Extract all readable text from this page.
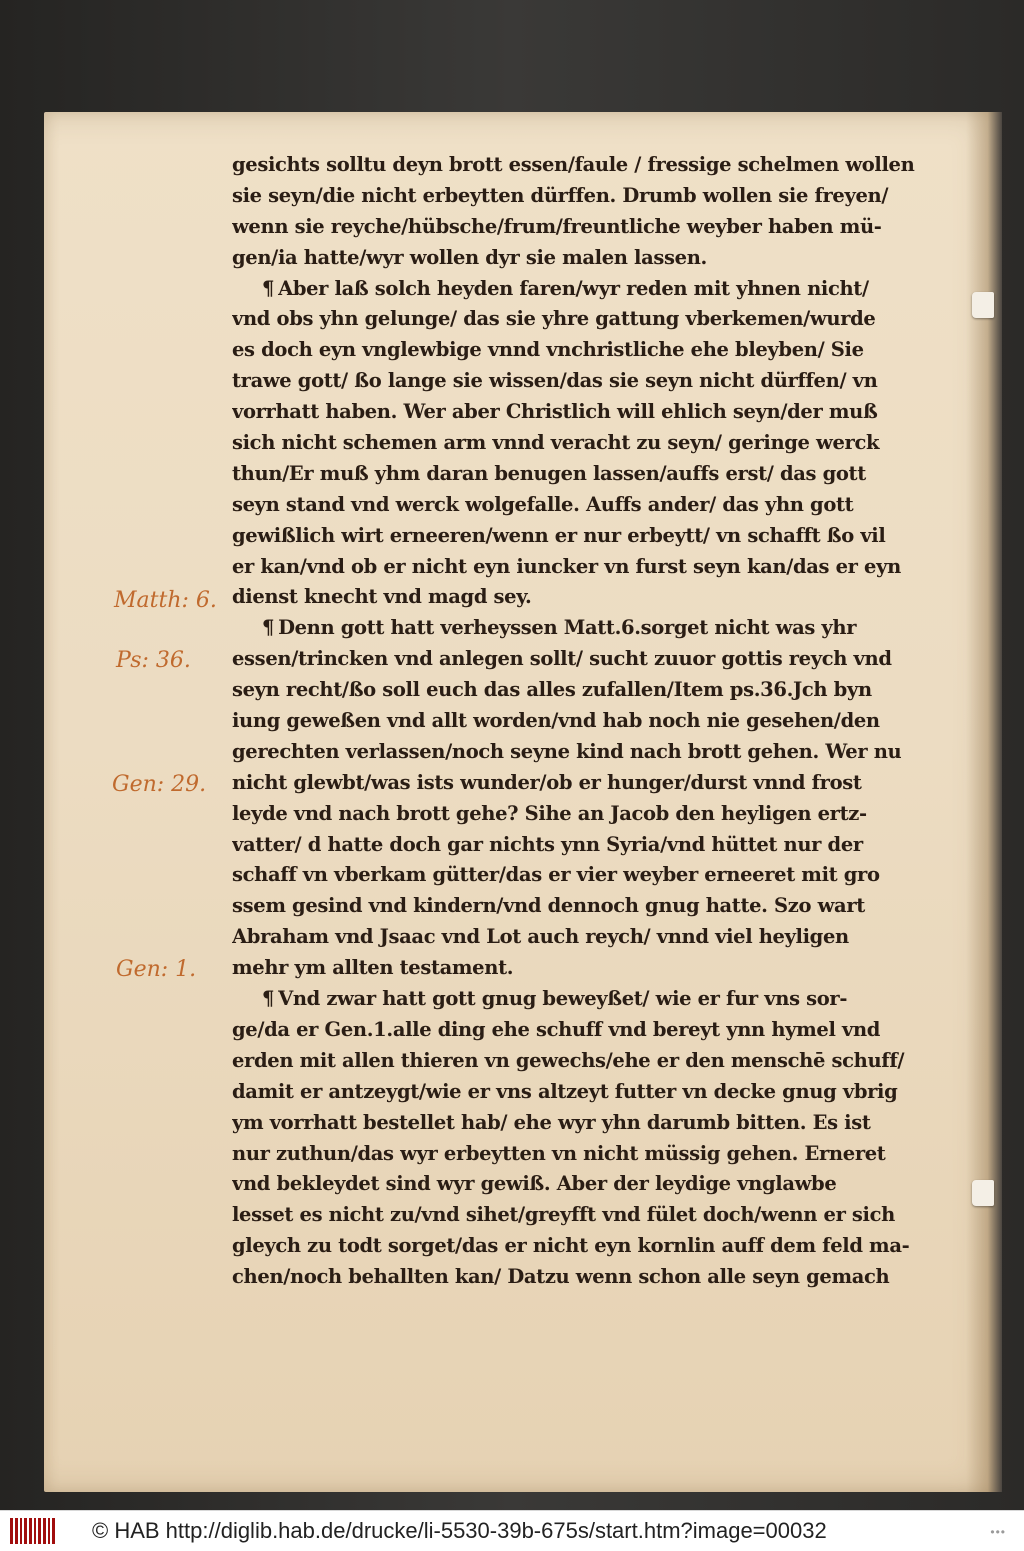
gesichts solltu deyn brott essen/faule / fressige schelmen wollen
sie seyn/die nicht erbeytten dürffen. Drumb wollen sie freyen/
wenn sie reyche/hübsche/frum/freuntliche weyber haben mü-
gen/ia hatte/wyr wollen dyr sie malen lassen.
¶ Aber laß solch heyden faren/wyr reden mit yhnen nicht/
vnd obs yhn gelunge/ das sie yhre gattung vberkemen/wurde
es doch eyn vnglewbige vnnd vnchristliche ehe bleyben/ Sie
trawe gott/ ßo lange sie wissen/das sie seyn nicht dürffen/ vn
vorrhatt haben. Wer aber Christlich will ehlich seyn/der muß
sich nicht schemen arm vnnd veracht zu seyn/ geringe werck
thun/Er muß yhm daran benugen lassen/auffs erst/ das gott
seyn stand vnd werck wolgefalle. Auffs ander/ das yhn gott
gewißlich wirt erneeren/wenn er nur erbeytt/ vn schafft ßo vil
er kan/vnd ob er nicht eyn iuncker vn furst seyn kan/das er eyn
dienst knecht vnd magd sey.
¶ Denn gott hatt verheyssen Matt.6.sorget nicht was yhr
essen/trincken vnd anlegen sollt/ sucht zuuor gottis reych vnd
seyn recht/ßo soll euch das alles zufallen/Item ps.36.Jch byn
iung geweßen vnd allt worden/vnd hab noch nie gesehen/den
gerechten verlassen/noch seyne kind nach brott gehen. Wer nu
nicht glewbt/was ists wunder/ob er hunger/durst vnnd frost
leyde vnd nach brott gehe? Sihe an Jacob den heyligen ertz-
vatter/ d hatte doch gar nichts ynn Syria/vnd hüttet nur der
schaff vn vberkam gütter/das er vier weyber erneeret mit gro
ssem gesind vnd kindern/vnd dennoch gnug hatte. Szo wart
Abraham vnd Jsaac vnd Lot auch reych/ vnnd viel heyligen
mehr ym allten testament.
¶ Vnd zwar hatt gott gnug beweyßet/ wie er fur vns sor-
ge/da er Gen.1.alle ding ehe schuff vnd bereyt ynn hymel vnd
erden mit allen thieren vn gewechs/ehe er den menschē schuff/
damit er antzeygt/wie er vns altzeyt futter vn decke gnug vbrig
ym vorrhatt bestellet hab/ ehe wyr yhn darumb bitten. Es ist
nur zuthun/das wyr erbeytten vn nicht müssig gehen. Erneret
vnd bekleydet sind wyr gewiß. Aber der leydige vnglawbe
lesset es nicht zu/vnd sihet/greyfft vnd fület doch/wenn er sich
gleych zu todt sorget/das er nicht eyn kornlin auff dem feld ma-
chen/noch behallten kan/ Datzu wenn schon alle seyn gemach
Matth: 6.
Ps: 36.
Gen: 29.
Gen: 1.
© HAB http://diglib.hab.de/drucke/li-5530-39b-675s/start.htm?image=00032	•••
